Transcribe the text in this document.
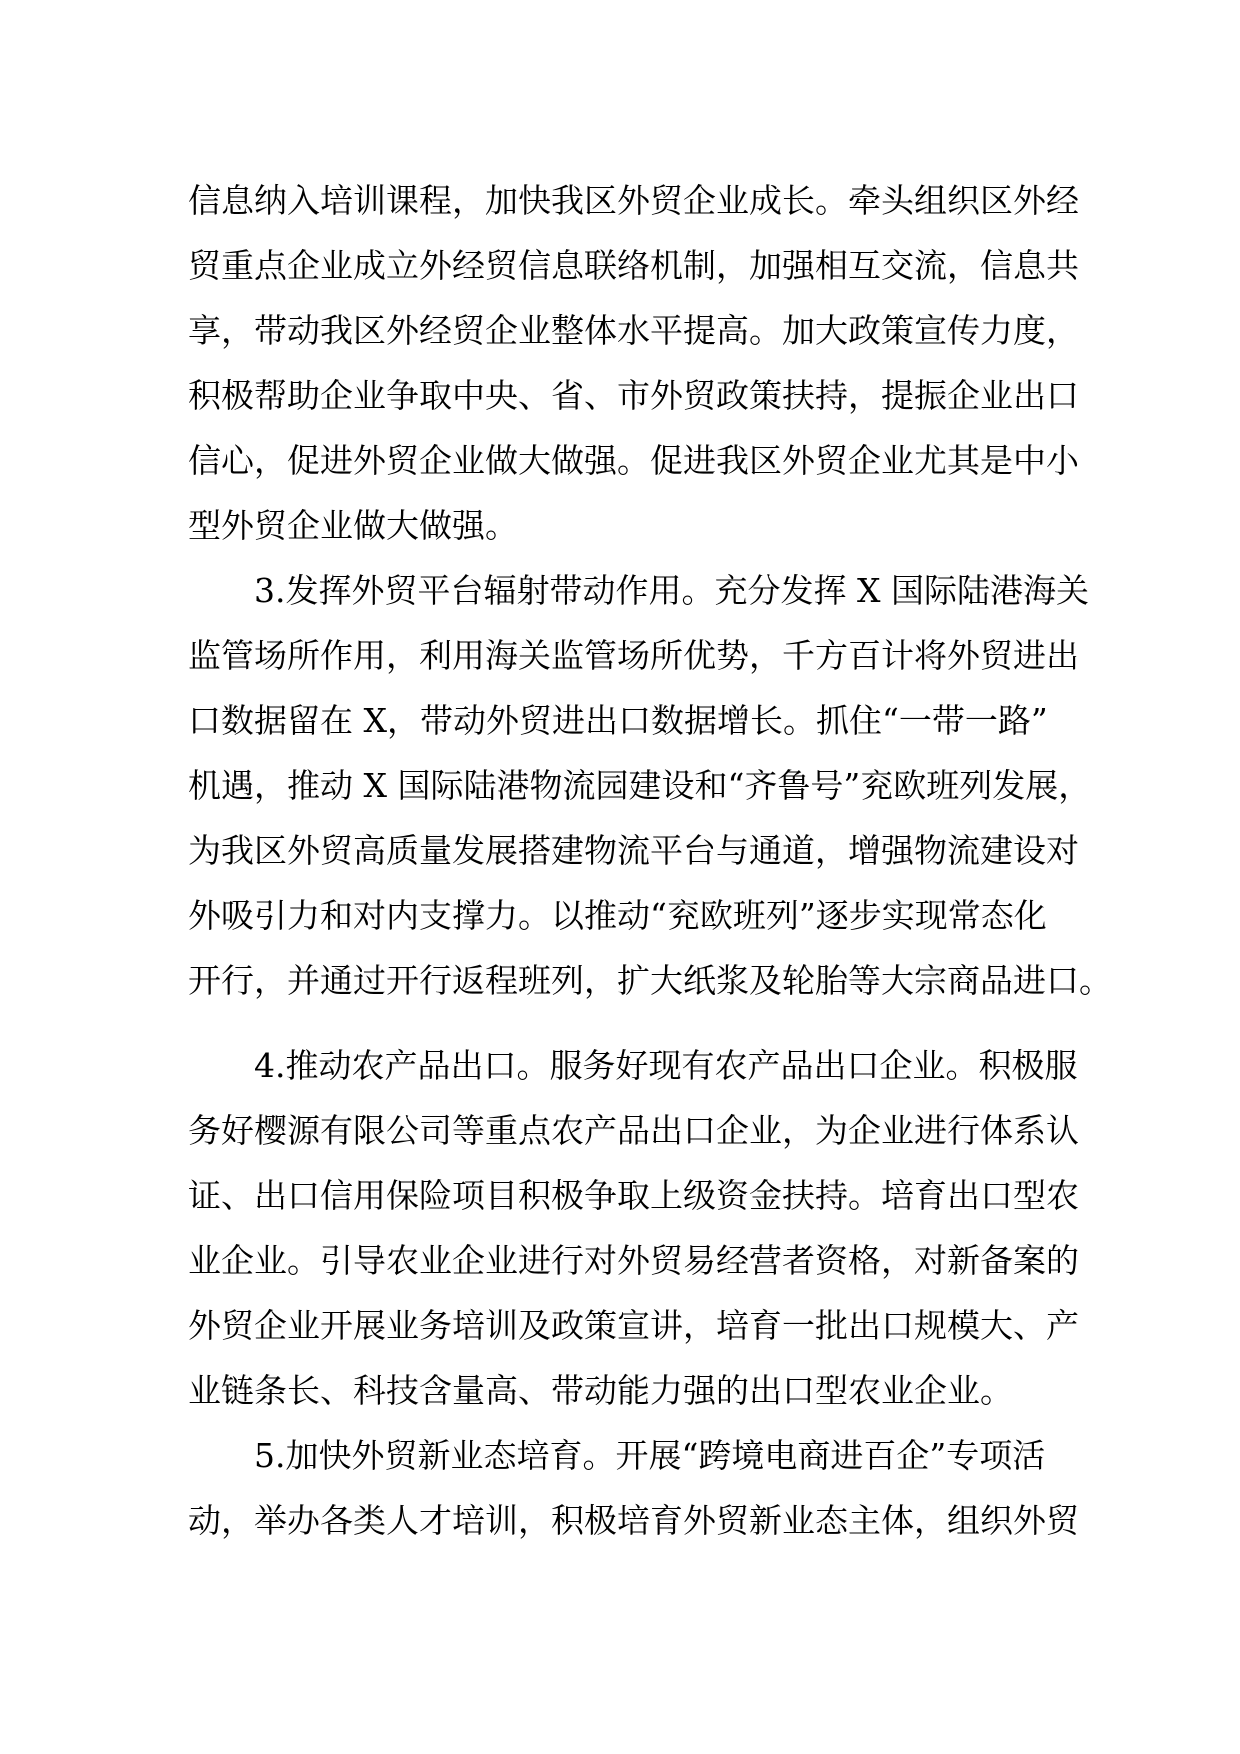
信息纳入培训课程，加快我区外贸企业成长。牵头组织区外经
贸重点企业成立外经贸信息联络机制，加强相互交流，信息共
享，带动我区外经贸企业整体水平提高。加大政策宣传力度，
积极帮助企业争取中央、省、市外贸政策扶持，提振企业出口
信心，促进外贸企业做大做强。促进我区外贸企业尤其是中小
型外贸企业做大做强。

　　3.发挥外贸平台辐射带动作用。充分发挥 X 国际陆港海关
监管场所作用，利用海关监管场所优势，千方百计将外贸进出
口数据留在 X，带动外贸进出口数据增长。抓住“一带一路”
机遇，推动 X 国际陆港物流园建设和“齐鲁号”兖欧班列发展，
为我区外贸高质量发展搭建物流平台与通道，增强物流建设对
外吸引力和对内支撑力。以推动“兖欧班列”逐步实现常态化
开行，并通过开行返程班列，扩大纸浆及轮胎等大宗商品进口。

　　4.推动农产品出口。服务好现有农产品出口企业。积极服
务好樱源有限公司等重点农产品出口企业，为企业进行体系认
证、出口信用保险项目积极争取上级资金扶持。培育出口型农
业企业。引导农业企业进行对外贸易经营者资格，对新备案的
外贸企业开展业务培训及政策宣讲，培育一批出口规模大、产
业链条长、科技含量高、带动能力强的出口型农业企业。

　　5.加快外贸新业态培育。开展“跨境电商进百企”专项活
动，举办各类人才培训，积极培育外贸新业态主体，组织外贸
